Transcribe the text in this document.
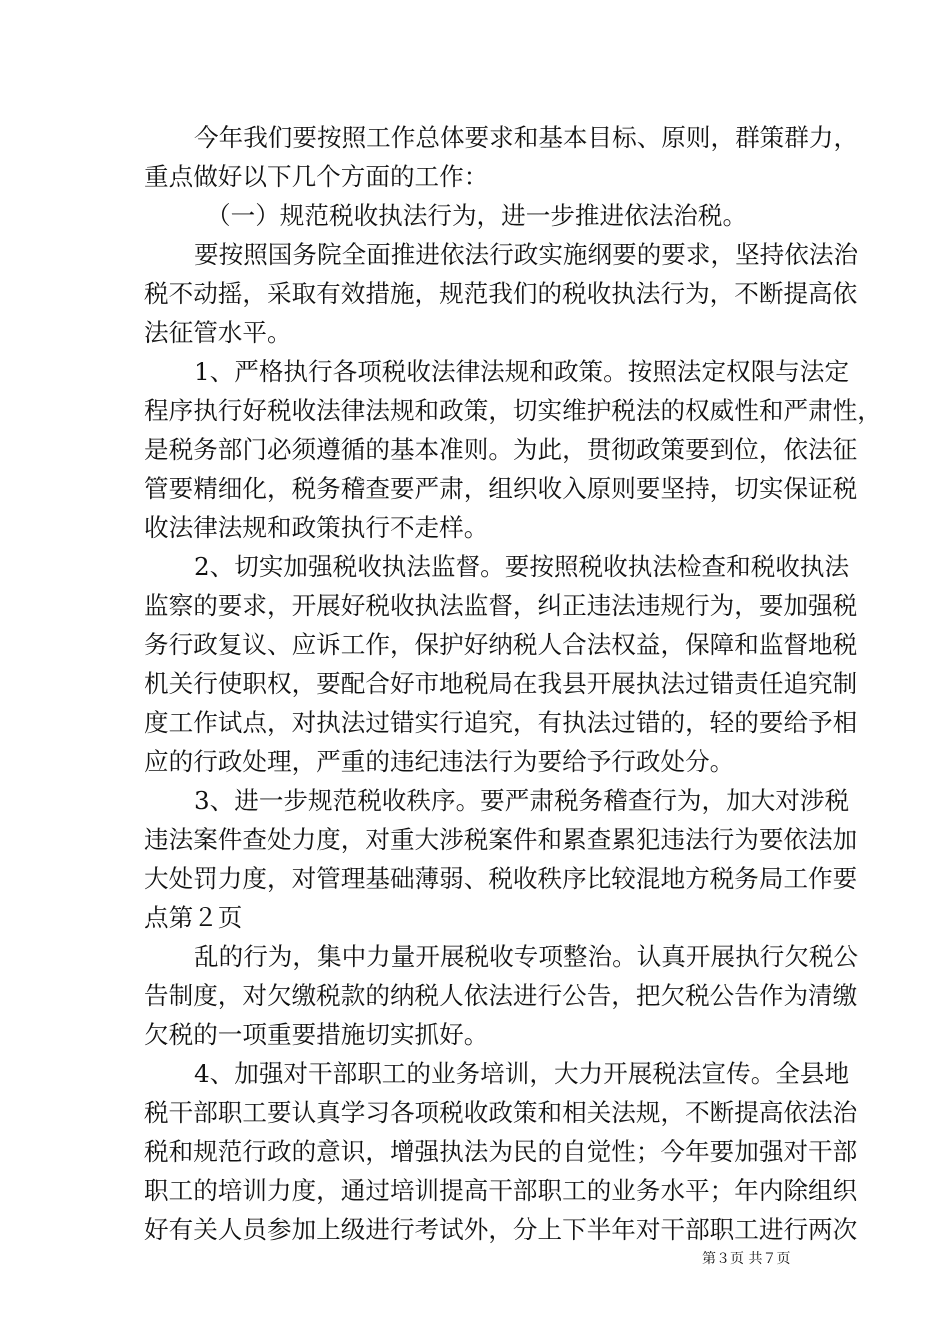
今年我们要按照工作总体要求和基本目标、原则，群策群力，
重点做好以下几个方面的工作：
（一）规范税收执法行为，进一步推进依法治税。
要按照国务院全面推进依法行政实施纲要的要求，坚持依法治
税不动摇，采取有效措施，规范我们的税收执法行为，不断提高依
法征管水平。
1、严格执行各项税收法律法规和政策。按照法定权限与法定
程序执行好税收法律法规和政策，切实维护税法的权威性和严肃性，
是税务部门必须遵循的基本准则。为此，贯彻政策要到位，依法征
管要精细化，税务稽查要严肃，组织收入原则要坚持，切实保证税
收法律法规和政策执行不走样。
2、切实加强税收执法监督。要按照税收执法检查和税收执法
监察的要求，开展好税收执法监督，纠正违法违规行为，要加强税
务行政复议、应诉工作，保护好纳税人合法权益，保障和监督地税
机关行使职权，要配合好市地税局在我县开展执法过错责任追究制
度工作试点，对执法过错实行追究，有执法过错的，轻的要给予相
应的行政处理，严重的违纪违法行为要给予行政处分。
3、进一步规范税收秩序。要严肃税务稽查行为，加大对涉税
违法案件查处力度，对重大涉税案件和累查累犯违法行为要依法加
大处罚力度，对管理基础薄弱、税收秩序比较混地方税务局工作要
点第２页
乱的行为，集中力量开展税收专项整治。认真开展执行欠税公
告制度，对欠缴税款的纳税人依法进行公告，把欠税公告作为清缴
欠税的一项重要措施切实抓好。
4、加强对干部职工的业务培训，大力开展税法宣传。全县地
税干部职工要认真学习各项税收政策和相关法规，不断提高依法治
税和规范行政的意识，增强执法为民的自觉性；今年要加强对干部
职工的培训力度，通过培训提高干部职工的业务水平；年内除组织
好有关人员参加上级进行考试外，分上下半年对干部职工进行两次
第３页 共７页
